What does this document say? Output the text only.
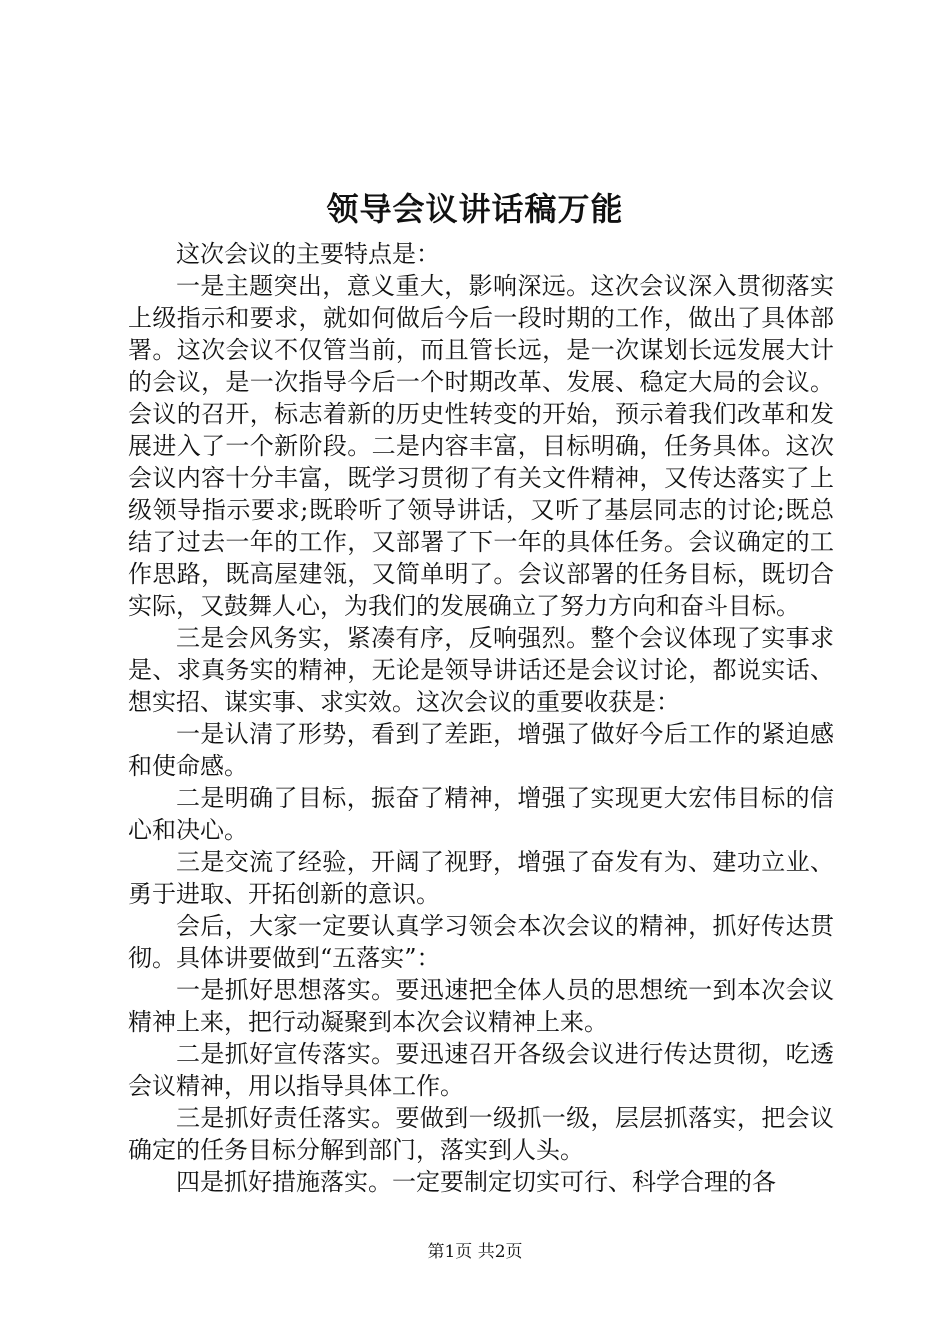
领导会议讲话稿万能

这次会议的主要特点是：

一是主题突出，意义重大，影响深远。这次会议深入贯彻落实上级指示和要求，就如何做后今后一段时期的工作，做出了具体部署。这次会议不仅管当前，而且管长远，是一次谋划长远发展大计的会议，是一次指导今后一个时期改革、发展、稳定大局的会议。会议的召开，标志着新的历史性转变的开始，预示着我们改革和发展进入了一个新阶段。二是内容丰富，目标明确，任务具体。这次会议内容十分丰富，既学习贯彻了有关文件精神，又传达落实了上级领导指示要求;既聆听了领导讲话，又听了基层同志的讨论;既总结了过去一年的工作，又部署了下一年的具体任务。会议确定的工作思路，既高屋建瓴，又简单明了。会议部署的任务目标，既切合实际，又鼓舞人心，为我们的发展确立了努力方向和奋斗目标。

三是会风务实，紧凑有序，反响强烈。整个会议体现了实事求是、求真务实的精神，无论是领导讲话还是会议讨论，都说实话、想实招、谋实事、求实效。这次会议的重要收获是：

一是认清了形势，看到了差距，增强了做好今后工作的紧迫感和使命感。

二是明确了目标，振奋了精神，增强了实现更大宏伟目标的信心和决心。

三是交流了经验，开阔了视野，增强了奋发有为、建功立业、勇于进取、开拓创新的意识。

会后，大家一定要认真学习领会本次会议的精神，抓好传达贯彻。具体讲要做到“五落实”：

一是抓好思想落实。要迅速把全体人员的思想统一到本次会议精神上来，把行动凝聚到本次会议精神上来。

二是抓好宣传落实。要迅速召开各级会议进行传达贯彻，吃透会议精神，用以指导具体工作。

三是抓好责任落实。要做到一级抓一级，层层抓落实，把会议确定的任务目标分解到部门，落实到人头。

四是抓好措施落实。一定要制定切实可行、科学合理的各

第1页 共2页
